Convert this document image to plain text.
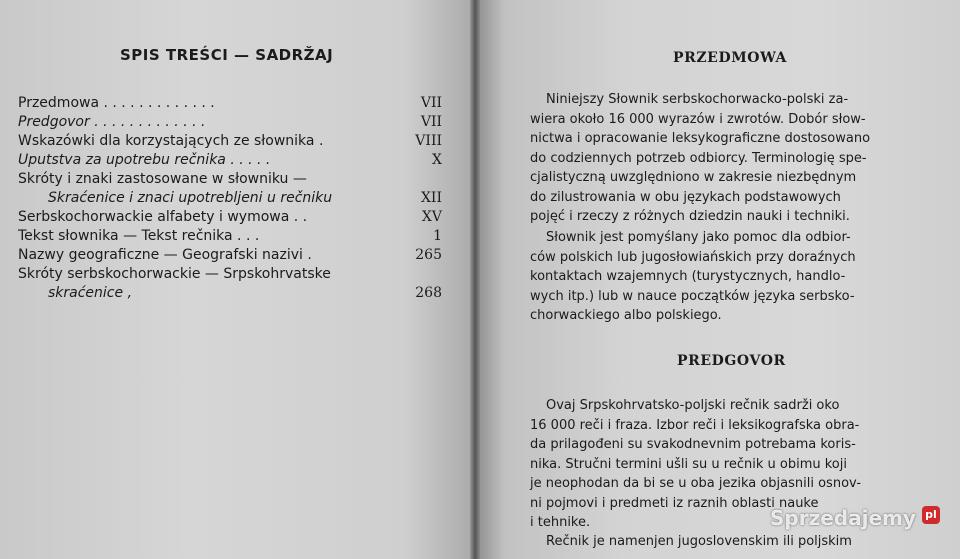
SPIS TREŚCI — SADRŽAJ
Przedmowa . . . . . . . . . . . . .	VII
Predgovor . . . . . . . . . . . . .	VII
Wskazówki dla korzystających ze słownika .	VIII
Uputstva za upotrebu rečnika . . . . .	X
Skróty i znaki zastosowane w słowniku —
Skraćenice i znaci upotrebljeni u rečniku	XII
Serbskochorwackie alfabety i wymowa . .	XV
Tekst słownika — Tekst rečnika . . .	1
Nazwy geograficzne — Geografski nazivi .	265
Skróty serbskochorwackie — Srpskohrvatske
skraćenice ,	268
PRZEDMOWA
Niniejszy Słownik serbskochorwacko-polski za-
wiera około 16 000 wyrazów i zwrotów. Dobór słow-
nictwa i opracowanie leksykograficzne dostosowano
do codziennych potrzeb odbiorcy. Terminologię spe-
cjalistyczną uwzględniono w zakresie niezbędnym
do zilustrowania w obu językach podstawowych
pojęć i rzeczy z różnych dziedzin nauki i techniki.
Słownik jest pomyślany jako pomoc dla odbior-
ców polskich lub jugosłowiańskich przy doraźnych
kontaktach wzajemnych (turystycznych, handlo-
wych itp.) lub w nauce początków języka serbsko-
chorwackiego albo polskiego.
PREDGOVOR
Ovaj Srpskohrvatsko-poljski rečnik sadrži oko
16 000 reči i fraza. Izbor reči i leksikografska obra-
da prilagođeni su svakodnevnim potrebama koris-
nika. Stručni termini ušli su u rečnik u obimu koji
je neophodan da bi se u oba jezika objasnili osnov-
ni pojmovi i predmeti iz raznih oblasti nauke
i tehnike.
Rečnik je namenjen jugoslovenskim ili poljskim
Sprzedajemy pl
